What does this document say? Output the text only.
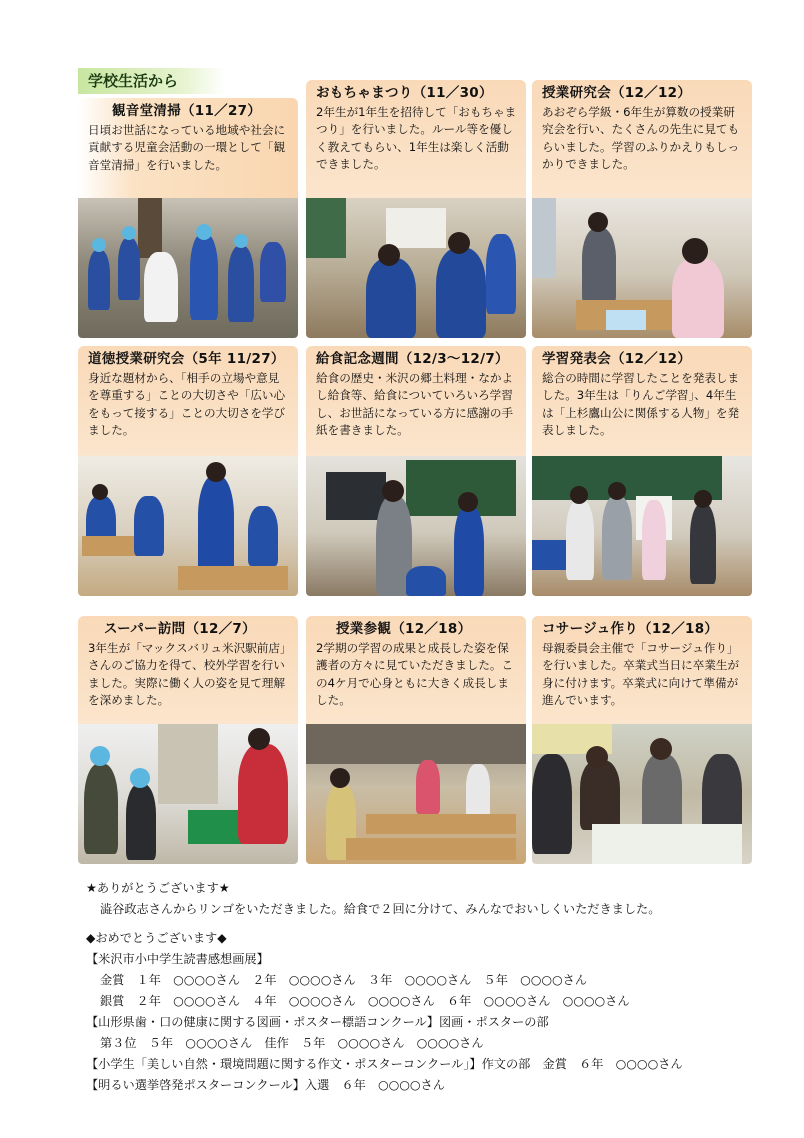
学校生活から
観音堂清掃（11／27）
日頃お世話になっている地域や社会に貢献する児童会活動の一環として「観音堂清掃」を行いました。
おもちゃまつり（11／30）
2年生が1年生を招待して「おもちゃまつり」を行いました。ルール等を優しく教えてもらい、1年生は楽しく活動できました。
授業研究会（12／12）
あおぞら学級・6年生が算数の授業研究会を行い、たくさんの先生に見てもらいました。学習のふりかえりもしっかりできました。
道徳授業研究会（5年 11/27）
身近な題材から、「相手の立場や意見を尊重する」ことの大切さや「広い心をもって接する」ことの大切さを学びました。
給食記念週間（12/3～12/7）
給食の歴史・米沢の郷土料理・なかよし給食等、給食についていろいろ学習し、お世話になっている方に感謝の手紙を書きました。
学習発表会（12／12）
総合の時間に学習したことを発表しました。3年生は「りんご学習」、4年生は「上杉鷹山公に関係する人物」を発表しました。
スーパー訪問（12／7）
3年生が「マックスバリュ米沢駅前店」さんのご協力を得て、校外学習を行いました。実際に働く人の姿を見て理解を深めました。
授業参観（12／18）
2学期の学習の成果と成長した姿を保護者の方々に見ていただきました。この4ケ月で心身ともに大きく成長しました。
コサージュ作り（12／18）
母親委員会主催で「コサージュ作り」を行いました。卒業式当日に卒業生が身に付けます。卒業式に向けて準備が進んでいます。
★ありがとうございます★
澁谷政志さんからリンゴをいただきました。給食で２回に分けて、みんなでおいしくいただきました。
◆おめでとうございます◆
【米沢市小中学生読書感想画展】
金賞　１年　○○○○さん　２年　○○○○さん　３年　○○○○さん　５年　○○○○さん
銀賞　２年　○○○○さん　４年　○○○○さん　○○○○さん　６年　○○○○さん　○○○○さん
【山形県歯・口の健康に関する図画・ポスター標語コンクール】図画・ポスターの部
第３位　５年　○○○○さん　佳作　５年　○○○○さん　○○○○さん
【小学生「美しい自然・環境問題に関する作文・ポスターコンクール」】作文の部　金賞　６年　○○○○さん
【明るい選挙啓発ポスターコンクール】入選　６年　○○○○さん
